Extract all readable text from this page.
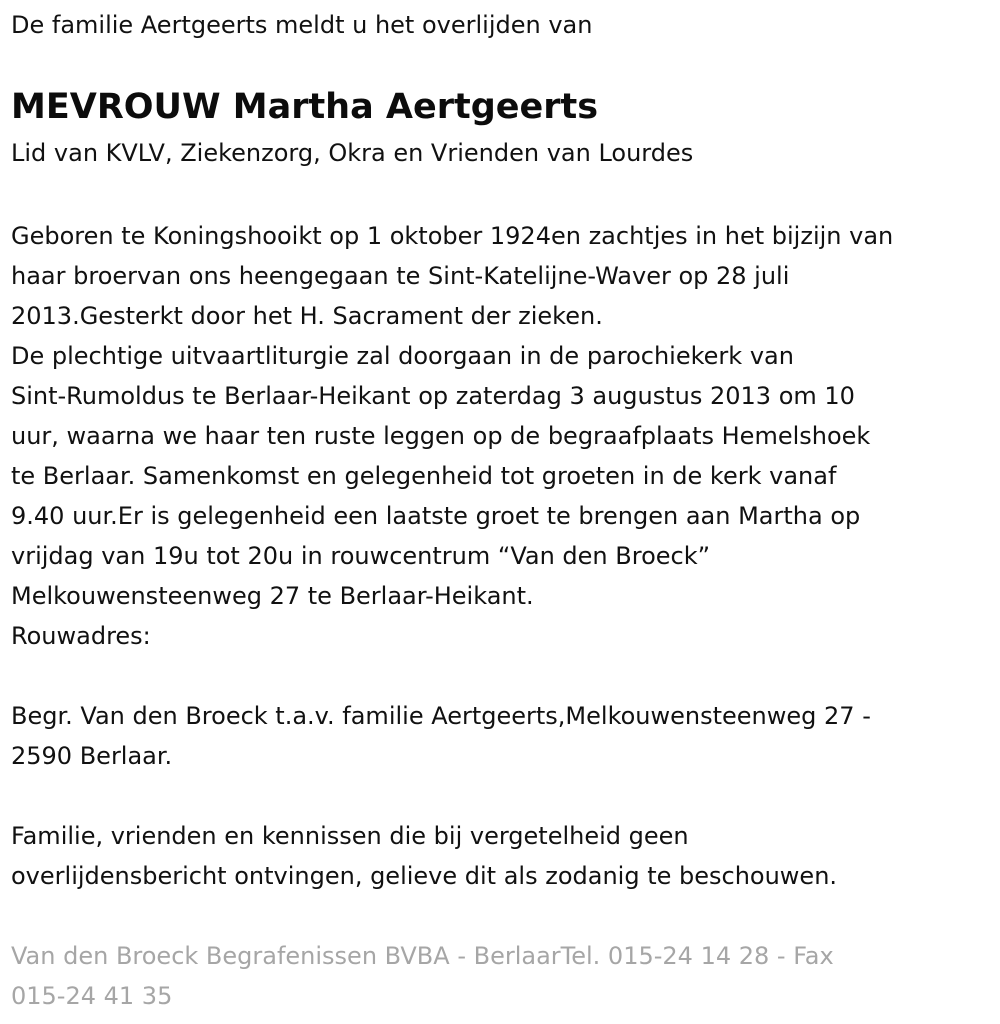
De familie Aertgeerts meldt u het overlijden van
MEVROUW Martha Aertgeerts
Lid van KVLV, Ziekenzorg, Okra en Vrienden van Lourdes
Geboren te Koningshooikt op 1 oktober 1924en zachtjes in het bijzijn van
haar broervan ons heengegaan te Sint-Katelijne-Waver op 28 juli
2013.Gesterkt door het H. Sacrament der zieken.
De plechtige uitvaartliturgie zal doorgaan in de parochiekerk van
Sint-Rumoldus te Berlaar-Heikant op zaterdag 3 augustus 2013 om 10
uur, waarna we haar ten ruste leggen op de begraafplaats Hemelshoek
te Berlaar. Samenkomst en gelegenheid tot groeten in de kerk vanaf
9.40 uur.Er is gelegenheid een laatste groet te brengen aan Martha op
vrijdag van 19u tot 20u in rouwcentrum “Van den Broeck”
Melkouwensteenweg 27 te Berlaar-Heikant.
Rouwadres:
Begr. Van den Broeck t.a.v. familie Aertgeerts,Melkouwensteenweg 27 -
2590 Berlaar.
Familie, vrienden en kennissen die bij vergetelheid geen
overlijdensbericht ontvingen, gelieve dit als zodanig te beschouwen.
Van den Broeck Begrafenissen BVBA - BerlaarTel. 015-24 14 28 - Fax
015-24 41 35
